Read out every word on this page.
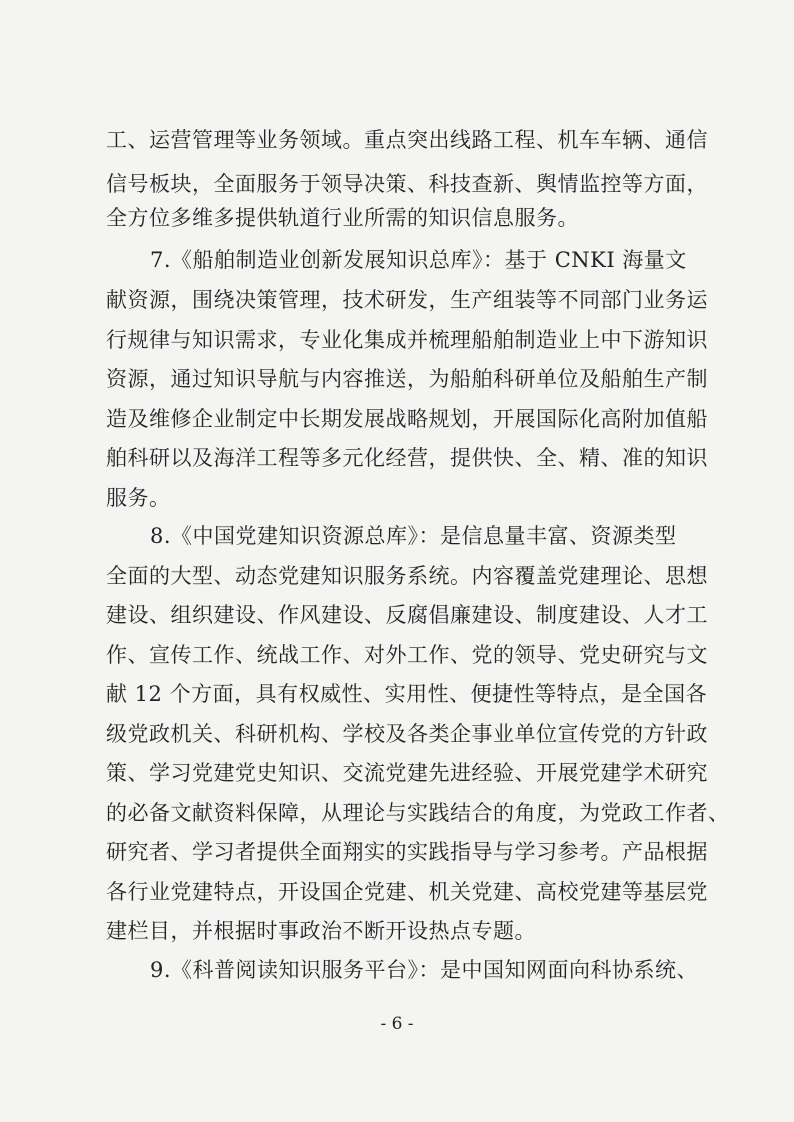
工、运营管理等业务领域。重点突出线路工程、机车车辆、通信
信号板块，全面服务于领导决策、科技查新、舆情监控等方面，
全方位多维多提供轨道行业所需的知识信息服务。
7.《船舶制造业创新发展知识总库》：基于 CNKI 海量文
献资源，围绕决策管理，技术研发，生产组装等不同部门业务运
行规律与知识需求，专业化集成并梳理船舶制造业上中下游知识
资源，通过知识导航与内容推送，为船舶科研单位及船舶生产制
造及维修企业制定中长期发展战略规划，开展国际化高附加值船
舶科研以及海洋工程等多元化经营，提供快、全、精、准的知识
服务。
8.《中国党建知识资源总库》：是信息量丰富、资源类型
全面的大型、动态党建知识服务系统。内容覆盖党建理论、思想
建设、组织建设、作风建设、反腐倡廉建设、制度建设、人才工
作、宣传工作、统战工作、对外工作、党的领导、党史研究与文
献 12 个方面，具有权威性、实用性、便捷性等特点，是全国各
级党政机关、科研机构、学校及各类企事业单位宣传党的方针政
策、学习党建党史知识、交流党建先进经验、开展党建学术研究
的必备文献资料保障，从理论与实践结合的角度，为党政工作者、
研究者、学习者提供全面翔实的实践指导与学习参考。产品根据
各行业党建特点，开设国企党建、机关党建、高校党建等基层党
建栏目，并根据时事政治不断开设热点专题。
9.《科普阅读知识服务平台》：是中国知网面向科协系统、
- 6 -
